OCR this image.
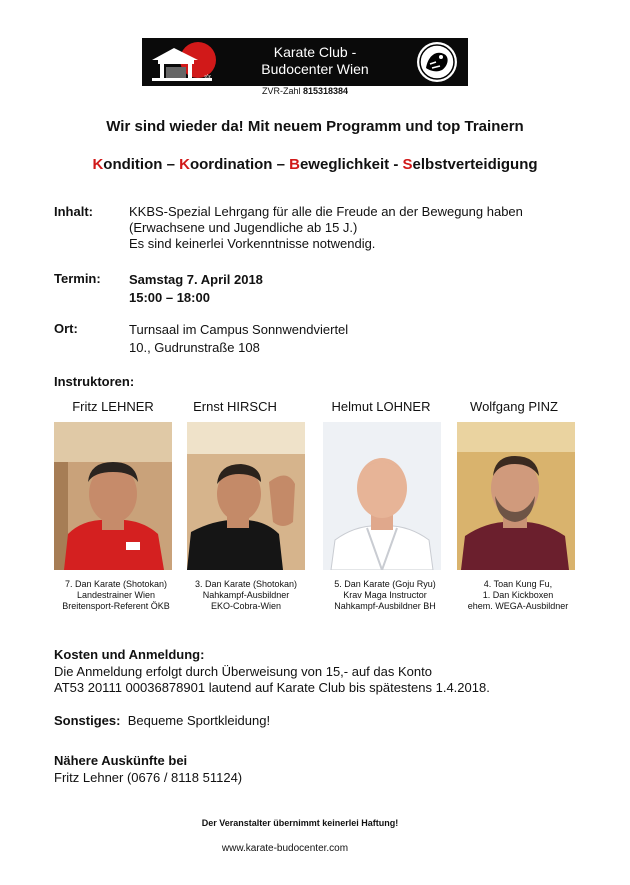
空
Karate Club -
Budocenter Wien
ZVR-Zahl 815318384
Wir sind wieder da! Mit neuem Programm und top Trainern
Kondition – Koordination – Beweglichkeit - Selbstverteidigung
Inhalt:	KKBS-Spezial Lehrgang für alle die Freude an der Bewegung haben
(Erwachsene und Jugendliche ab 15 J.)
Es sind keinerlei Vorkenntnisse notwendig.
Termin: Samstag 7. April 2018
15:00 – 18:00
Ort:	Turnsaal im Campus Sonnwendviertel
10., Gudrunstraße 108
Instruktoren:
Fritz LEHNER	Ernst HIRSCH	Helmut LOHNER	Wolfgang PINZ
7. Dan Karate (Shotokan)
Landestrainer Wien
Breitensport-Referent ÖKB
3. Dan Karate (Shotokan)
Nahkampf-Ausbildner
EKO-Cobra-Wien
5. Dan Karate (Goju Ryu)
Krav Maga Instructor
Nahkampf-Ausbildner BH
4. Toan Kung Fu,
1. Dan Kickboxen
ehem. WEGA-Ausbildner
Kosten und Anmeldung:
Die Anmeldung erfolgt durch Überweisung von 15,- auf das Konto
AT53 20111 00036878901 lautend auf Karate Club bis spätestens 1.4.2018.
Sonstiges: Bequeme Sportkleidung!
Nähere Auskünfte bei
Fritz Lehner (0676 / 8118 51124)
Der Veranstalter übernimmt keinerlei Haftung!
www.karate-budocenter.com
